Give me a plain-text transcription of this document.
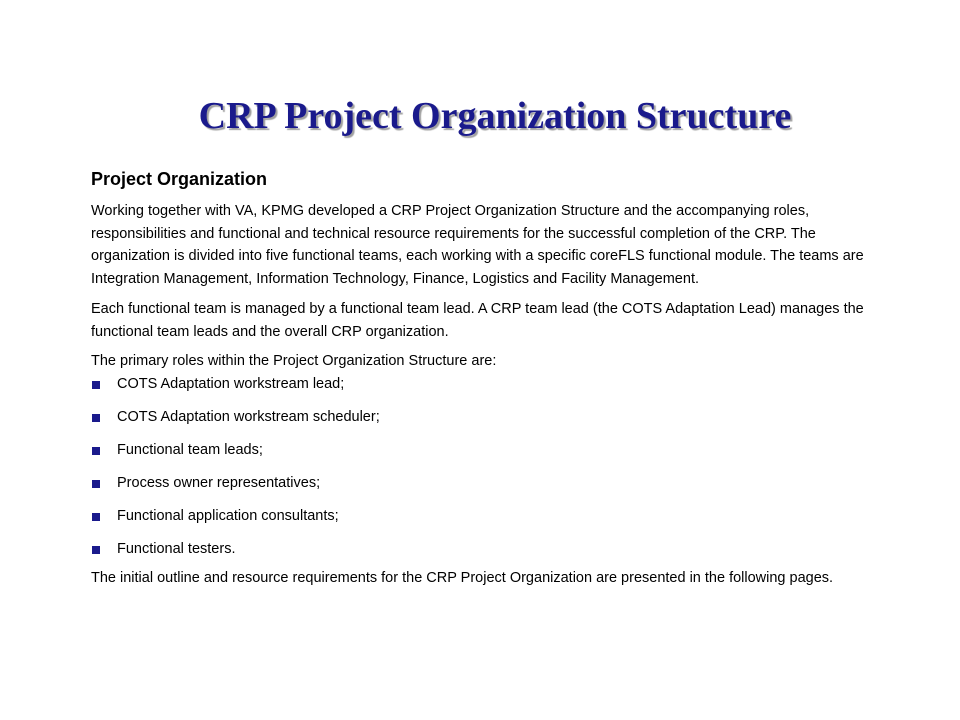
CRP Project Organization Structure
Project Organization

Working together with VA, KPMG developed a CRP Project Organization Structure and the accompanying roles, responsibilities and functional and technical resource requirements for the successful completion of the CRP. The organization is divided into five functional teams, each working with a specific coreFLS functional module. The teams are Integration Management, Information Technology, Finance, Logistics and Facility Management.

Each functional team is managed by a functional team lead. A CRP team lead (the COTS Adaptation Lead) manages the functional team leads and the overall CRP organization.

The primary roles within the Project Organization Structure are:

COTS Adaptation workstream lead;
COTS Adaptation workstream scheduler;
Functional team leads;
Process owner representatives;
Functional application consultants;
Functional testers.

The initial outline and resource requirements for the CRP Project Organization are presented in the following pages.
